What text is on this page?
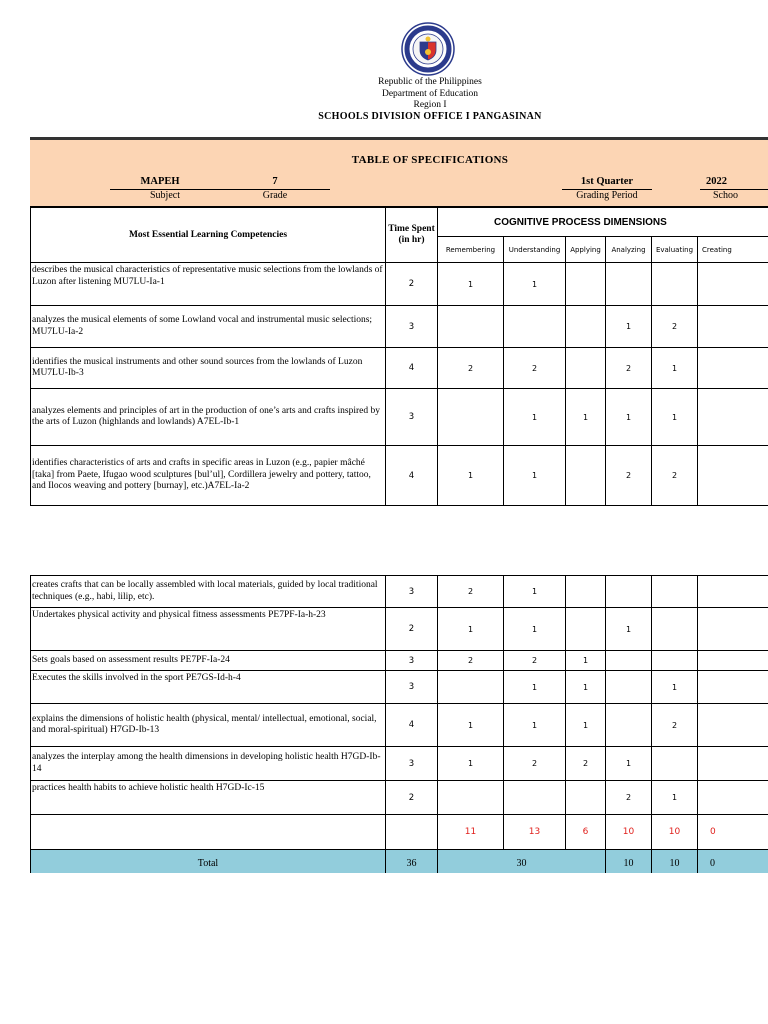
Republic of the Philippines
Department of Education
Region I
SCHOOLS DIVISION OFFICE I PANGASINAN
TABLE OF SPECIFICATIONS
MAPEH
Subject
7
Grade
1st Quarter
Grading Period
2022
Schoo
Most Essential Learning Competencies	Time Spent (in hr)	COGNITIVE PROCESS DIMENSIONS					
		Remembering	Understanding	Applying	Analyzing	Evaluating	Creating
describes the musical characteristics of representative music selections from the lowlands of Luzon after listening MU7LU-Ia-1	2	1	1				
analyzes the musical elements of some Lowland vocal and instrumental music selections; MU7LU-Ia-2	3				1	2	
identifies the musical instruments and other sound sources from the lowlands of Luzon MU7LU-Ib-3	4	2	2		2	1	
analyzes elements and principles of art in the production of one’s arts and crafts inspired by the arts of Luzon (highlands and lowlands) A7EL-Ib-1	3		1	1	1	1	
identifies characteristics of arts and crafts in specific areas in Luzon (e.g., papier mâché [taka] from Paete, Ifugao wood sculptures [bul’ul], Cordillera jewelry and pottery, tattoo, and Ilocos weaving and pottery [burnay], etc.)A7EL-Ia-2	4	1	1		2	2	

creates crafts that can be locally assembled with local materials, guided by local traditional techniques (e.g., habi, lilip, etc).	3	2	1				
Undertakes physical activity and physical fitness assessments PE7PF-Ia-h-23	2	1	1		1		
Sets goals based on assessment results PE7PF-Ia-24	3	2	2	1			
Executes the skills involved in the sport PE7GS-Id-h-4	3		1	1		1	
explains the dimensions of holistic health (physical, mental/ intellectual, emotional, social, and moral-spiritual) H7GD-Ib-13	4	1	1	1		2	
analyzes the interplay among the health dimensions in developing holistic health H7GD-Ib-14	3	1	2	2	1		
practices health habits to achieve holistic health H7GD-Ic-15	2				2	1	
		11	13	6	10	10	0
Total	36	30			10	10	0
